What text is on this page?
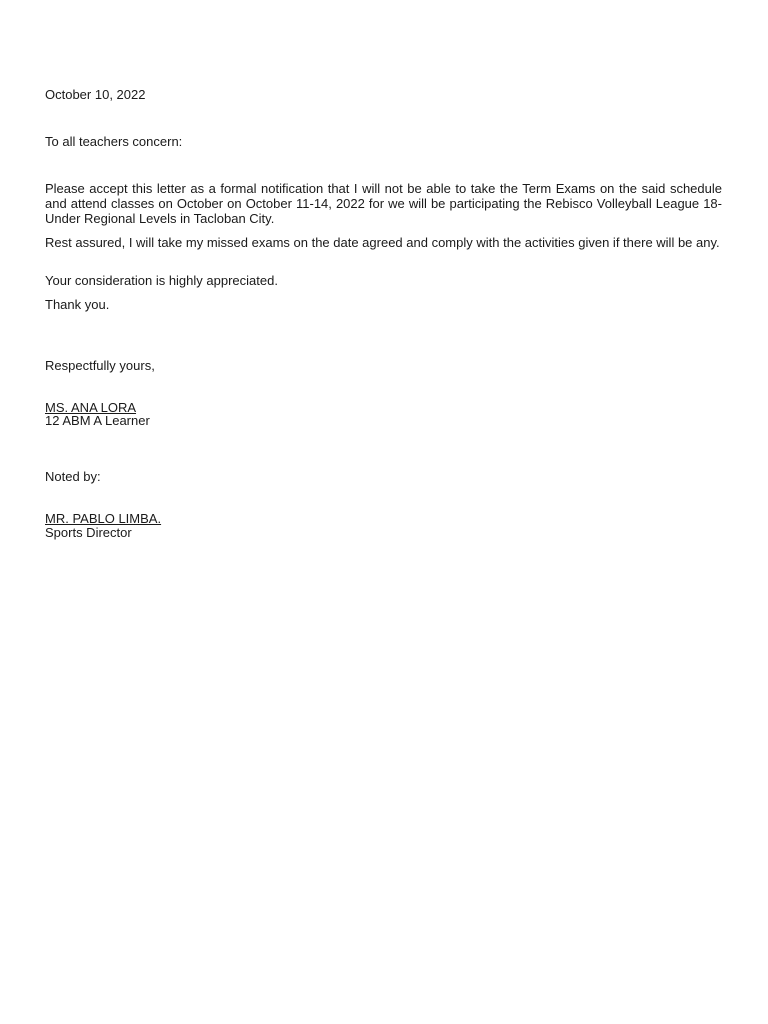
October 10, 2022
To all teachers concern:
Please accept this letter as a formal notification that I will not be able to take the Term Exams on the said schedule and attend classes on October on October 11-14, 2022 for we will be participating the Rebisco Volleyball League 18-Under Regional Levels in Tacloban City.
Rest assured, I will take my missed exams on the date agreed and comply with the activities given if there will be any.
Your consideration is highly appreciated.
Thank you.
Respectfully yours,
MS. ANA LORA
12 ABM A Learner
Noted by:
MR. PABLO LIMBA.
Sports Director
